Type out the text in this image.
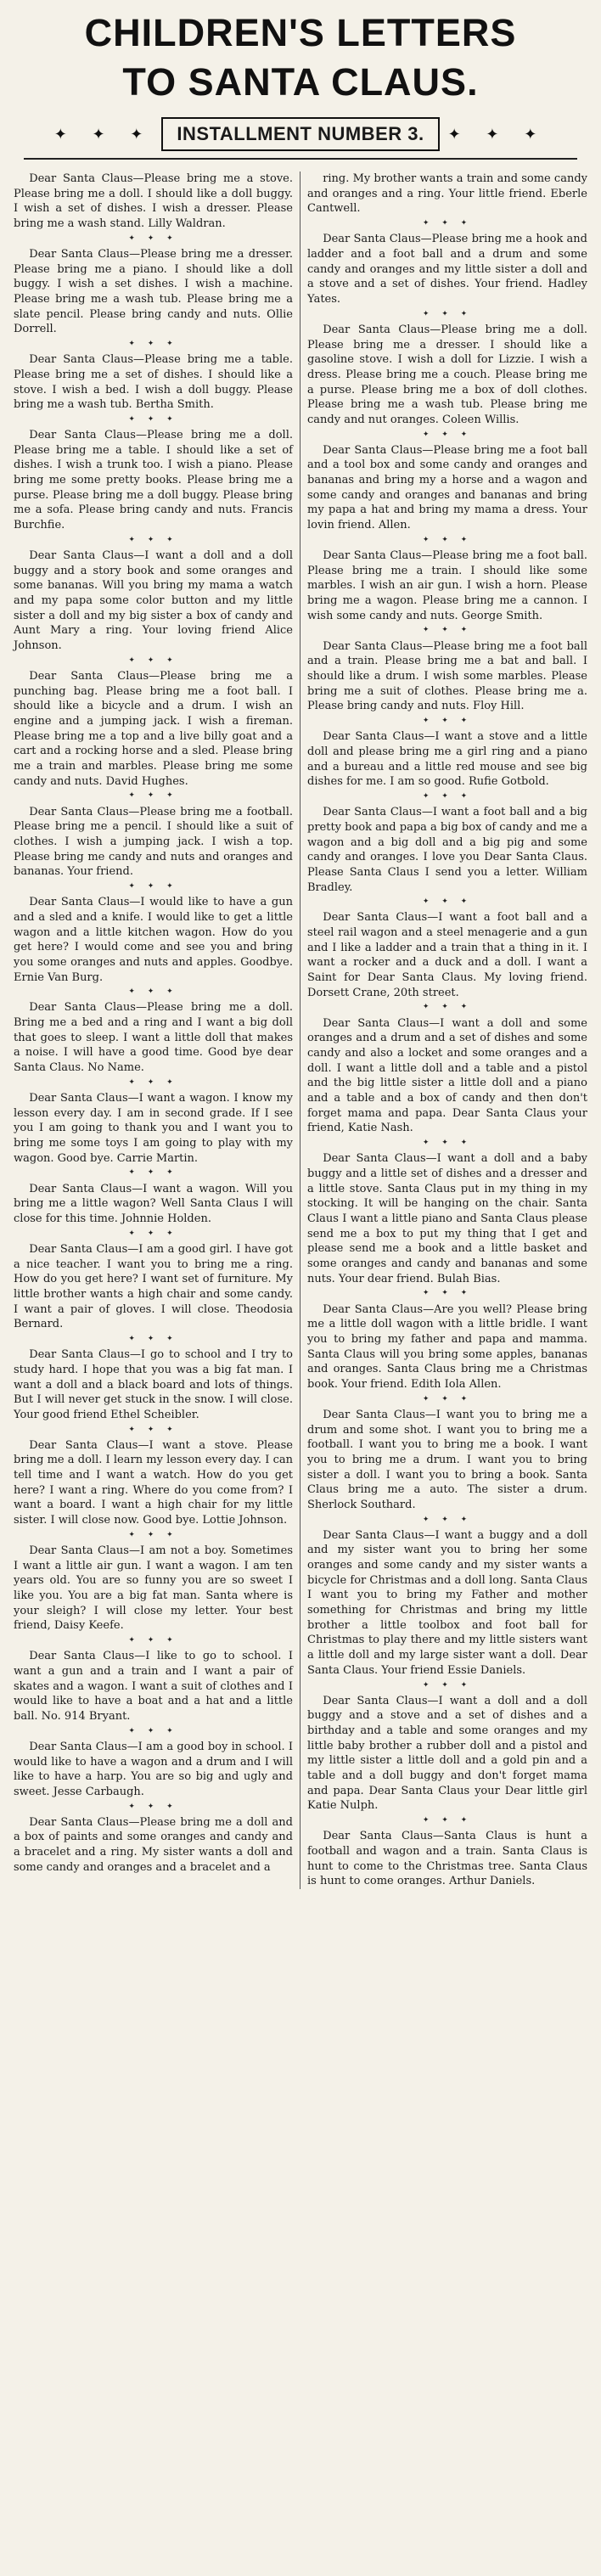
CHILDREN'S LETTERS
TO SANTA CLAUS.
✦ ✦ ✦	INSTALLMENT NUMBER 3.	✦ ✦ ✦

Dear Santa Claus—Please bring me a stove. Please bring me a doll. I should like a doll buggy. I wish a set of dishes. I wish a dresser. Please bring me a wash stand. Lilly Waldran.

✦ ✦ ✦

Dear Santa Claus—Please bring me a dresser. Please bring me a piano. I should like a doll buggy. I wish a set dishes. I wish a machine. Please bring me a wash tub. Please bring me a slate pencil. Please bring candy and nuts. Ollie Dorrell.

✦ ✦ ✦

Dear Santa Claus—Please bring me a table. Please bring me a set of dishes. I should like a stove. I wish a bed. I wish a doll buggy. Please bring me a wash tub. Bertha Smith.

✦ ✦ ✦

Dear Santa Claus—Please bring me a doll. Please bring me a table. I should like a set of dishes. I wish a trunk too. I wish a piano. Please bring me some pretty books. Please bring me a purse. Please bring me a doll buggy. Please bring me a sofa. Please bring candy and nuts. Francis Burchfie.

✦ ✦ ✦

Dear Santa Claus—I want a doll and a doll buggy and a story book and some oranges and some bananas. Will you bring my mama a watch and my papa some color button and my little sister a doll and my big sister a box of candy and Aunt Mary a ring. Your loving friend Alice Johnson.

✦ ✦ ✦

Dear Santa Claus—Please bring me a punching bag. Please bring me a foot ball. I should like a bicycle and a drum. I wish an engine and a jumping jack. I wish a fireman. Please bring me a top and a live billy goat and a cart and a rocking horse and a sled. Please bring me a train and marbles. Please bring me some candy and nuts. David Hughes.

✦ ✦ ✦

Dear Santa Claus—Please bring me a football. Please bring me a pencil. I should like a suit of clothes. I wish a jumping jack. I wish a top. Please bring me candy and nuts and oranges and bananas. Your friend.

✦ ✦ ✦

Dear Santa Claus—I would like to have a gun and a sled and a knife. I would like to get a little wagon and a little kitchen wagon. How do you get here? I would come and see you and bring you some oranges and nuts and apples. Goodbye. Ernie Van Burg.

✦ ✦ ✦

Dear Santa Claus—Please bring me a doll. Bring me a bed and a ring and I want a big doll that goes to sleep. I want a little doll that makes a noise. I will have a good time. Good bye dear Santa Claus. No Name.

✦ ✦ ✦

Dear Santa Claus—I want a wagon. I know my lesson every day. I am in second grade. If I see you I am going to thank you and I want you to bring me some toys I am going to play with my wagon. Good bye. Carrie Martin.

✦ ✦ ✦

Dear Santa Claus—I want a wagon. Will you bring me a little wagon? Well Santa Claus I will close for this time. Johnnie Holden.

✦ ✦ ✦

Dear Santa Claus—I am a good girl. I have got a nice teacher. I want you to bring me a ring. How do you get here? I want set of furniture. My little brother wants a high chair and some candy. I want a pair of gloves. I will close. Theodosia Bernard.

✦ ✦ ✦

Dear Santa Claus—I go to school and I try to study hard. I hope that you was a big fat man. I want a doll and a black board and lots of things. But I will never get stuck in the snow. I will close. Your good friend Ethel Scheibler.

✦ ✦ ✦

Dear Santa Claus—I want a stove. Please bring me a doll. I learn my lesson every day. I can tell time and I want a watch. How do you get here? I want a ring. Where do you come from? I want a board. I want a high chair for my little sister. I will close now. Good bye. Lottie Johnson.

✦ ✦ ✦

Dear Santa Claus—I am not a boy. Sometimes I want a little air gun. I want a wagon. I am ten years old. You are so funny you are so sweet I like you. You are a big fat man. Santa where is your sleigh? I will close my letter. Your best friend, Daisy Keefe.

✦ ✦ ✦

Dear Santa Claus—I like to go to school. I want a gun and a train and I want a pair of skates and a wagon. I want a suit of clothes and I would like to have a boat and a hat and a little ball. No. 914 Bryant.

✦ ✦ ✦

Dear Santa Claus—I am a good boy in school. I would like to have a wagon and a drum and I will like to have a harp. You are so big and ugly and sweet. Jesse Carbaugh.

✦ ✦ ✦

Dear Santa Claus—Please bring me a doll and a box of paints and some oranges and candy and a bracelet and a ring. My sister wants a doll and some candy and oranges and a bracelet and a

ring. My brother wants a train and some candy and oranges and a ring. Your little friend. Eberle Cantwell.

✦ ✦ ✦

Dear Santa Claus—Please bring me a hook and ladder and a foot ball and a drum and some candy and oranges and my little sister a doll and a stove and a set of dishes. Your friend. Hadley Yates.

✦ ✦ ✦

Dear Santa Claus—Please bring me a doll. Please bring me a dresser. I should like a gasoline stove. I wish a doll for Lizzie. I wish a dress. Please bring me a couch. Please bring me a purse. Please bring me a box of doll clothes. Please bring me a wash tub. Please bring me candy and nut oranges. Coleen Willis.

✦ ✦ ✦

Dear Santa Claus—Please bring me a foot ball and a tool box and some candy and oranges and bananas and bring my a horse and a wagon and some candy and oranges and bananas and bring my papa a hat and bring my mama a dress. Your lovin friend. Allen.

✦ ✦ ✦

Dear Santa Claus—Please bring me a foot ball. Please bring me a train. I should like some marbles. I wish an air gun. I wish a horn. Please bring me a wagon. Please bring me a cannon. I wish some candy and nuts. George Smith.

✦ ✦ ✦

Dear Santa Claus—Please bring me a foot ball and a train. Please bring me a bat and ball. I should like a drum. I wish some marbles. Please bring me a suit of clothes. Please bring me a. Please bring candy and nuts. Floy Hill.

✦ ✦ ✦

Dear Santa Claus—I want a stove and a little doll and please bring me a girl ring and a piano and a bureau and a little red mouse and see big dishes for me. I am so good. Rufie Gotbold.

✦ ✦ ✦

Dear Santa Claus—I want a foot ball and a big pretty book and papa a big box of candy and me a wagon and a big doll and a big pig and some candy and oranges. I love you Dear Santa Claus. Please Santa Claus I send you a letter. William Bradley.

✦ ✦ ✦

Dear Santa Claus—I want a foot ball and a steel rail wagon and a steel menagerie and a gun and I like a ladder and a train that a thing in it. I want a rocker and a duck and a doll. I want a Saint for Dear Santa Claus. My loving friend. Dorsett Crane, 20th street.

✦ ✦ ✦

Dear Santa Claus—I want a doll and some oranges and a drum and a set of dishes and some candy and also a locket and some oranges and a doll. I want a little doll and a table and a pistol and the big little sister a little doll and a piano and a table and a box of candy and then don't forget mama and papa. Dear Santa Claus your friend, Katie Nash.

✦ ✦ ✦

Dear Santa Claus—I want a doll and a baby buggy and a little set of dishes and a dresser and a little stove. Santa Claus put in my thing in my stocking. It will be hanging on the chair. Santa Claus I want a little piano and Santa Claus please send me a box to put my thing that I get and please send me a book and a little basket and some oranges and candy and bananas and some nuts. Your dear friend. Bulah Bias.

✦ ✦ ✦

Dear Santa Claus—Are you well? Please bring me a little doll wagon with a little bridle. I want you to bring my father and papa and mamma. Santa Claus will you bring some apples, bananas and oranges. Santa Claus bring me a Christmas book. Your friend. Edith Iola Allen.

✦ ✦ ✦

Dear Santa Claus—I want you to bring me a drum and some shot. I want you to bring me a football. I want you to bring me a book. I want you to bring me a drum. I want you to bring sister a doll. I want you to bring a book. Santa Claus bring me a auto. The sister a drum. Sherlock Southard.

✦ ✦ ✦

Dear Santa Claus—I want a buggy and a doll and my sister want you to bring her some oranges and some candy and my sister wants a bicycle for Christmas and a doll long. Santa Claus I want you to bring my Father and mother something for Christmas and bring my little brother a little toolbox and foot ball for Christmas to play there and my little sisters want a little doll and my large sister want a doll. Dear Santa Claus. Your friend Essie Daniels.

✦ ✦ ✦

Dear Santa Claus—I want a doll and a doll buggy and a stove and a set of dishes and a birthday and a table and some oranges and my little baby brother a rubber doll and a pistol and my little sister a little doll and a gold pin and a table and a doll buggy and don't forget mama and papa. Dear Santa Claus your Dear little girl Katie Nulph.

✦ ✦ ✦

Dear Santa Claus—Santa Claus is hunt a football and wagon and a train. Santa Claus is hunt to come to the Christmas tree. Santa Claus is hunt to come oranges. Arthur Daniels.
